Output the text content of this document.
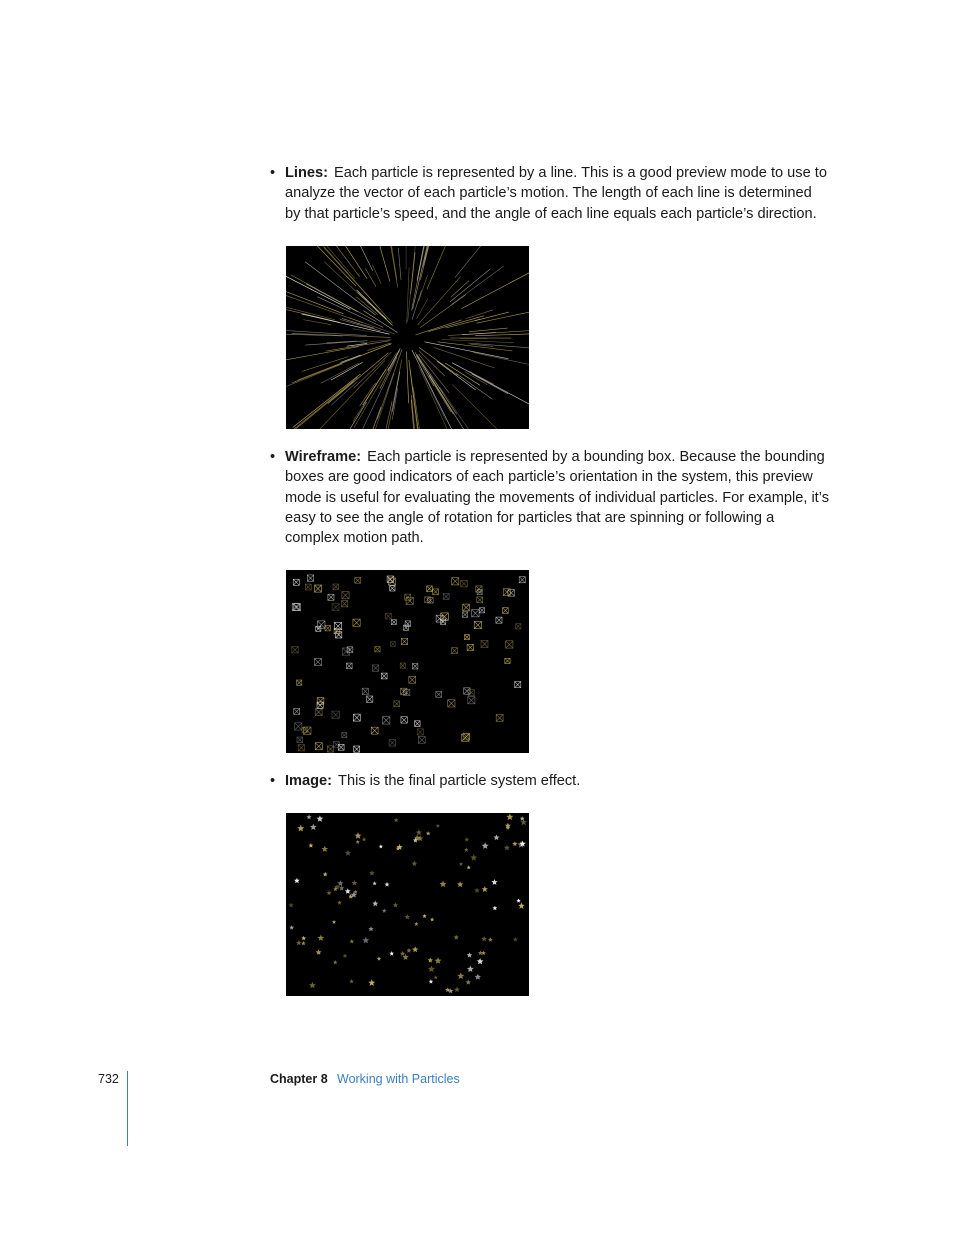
• Lines: Each particle is represented by a line. This is a good preview mode to use to analyze the vector of each particle’s motion. The length of each line is determined by that particle’s speed, and the angle of each line equals each particle’s direction.
• Wireframe: Each particle is represented by a bounding box. Because the bounding boxes are good indicators of each particle’s orientation in the system, this preview mode is useful for evaluating the movements of individual particles. For example, it’s easy to see the angle of rotation for particles that are spinning or following a complex motion path.
• Image: This is the final particle system effect.
732	Chapter 8 Working with Particles
